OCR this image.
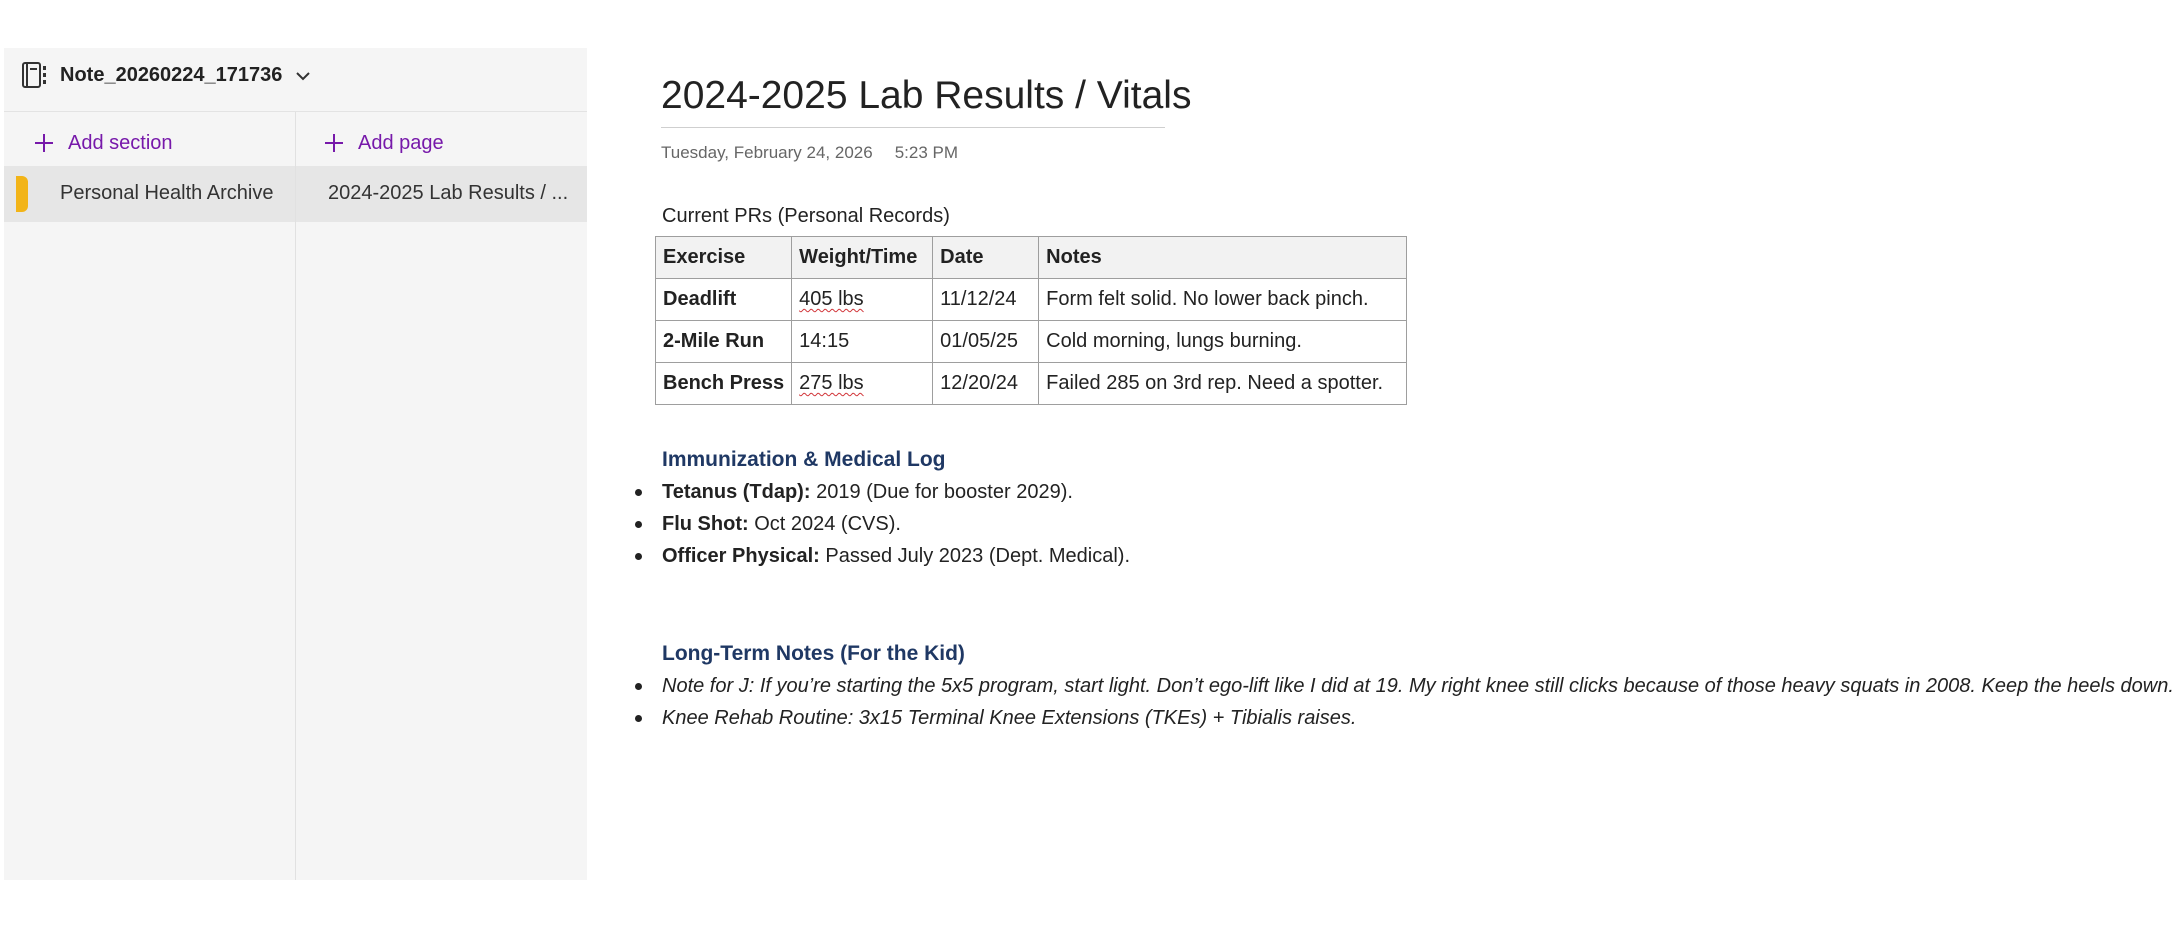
Note_20260224_171736
Add section	Add page
Personal Health Archive	2024-2025 Lab Results / ...
2024-2025 Lab Results / Vitals
Tuesday, February 24, 2026 5:23 PM
Current PRs (Personal Records)
Exercise	Weight/Time	Date	Notes
Deadlift	405 lbs	11/12/24	Form felt solid. No lower back pinch.
2-Mile Run	14:15	01/05/25	Cold morning, lungs burning.
Bench Press	275 lbs	12/20/24	Failed 285 on 3rd rep. Need a spotter.
Immunization & Medical Log
Tetanus (Tdap): 2019 (Due for booster 2029).
Flu Shot: Oct 2024 (CVS).
Officer Physical: Passed July 2023 (Dept. Medical).
Long-Term Notes (For the Kid)
Note for J: If you’re starting the 5x5 program, start light. Don’t ego-lift like I did at 19. My right knee still clicks because of those heavy squats in 2008. Keep the heels down.
Knee Rehab Routine: 3x15 Terminal Knee Extensions (TKEs) + Tibialis raises.
